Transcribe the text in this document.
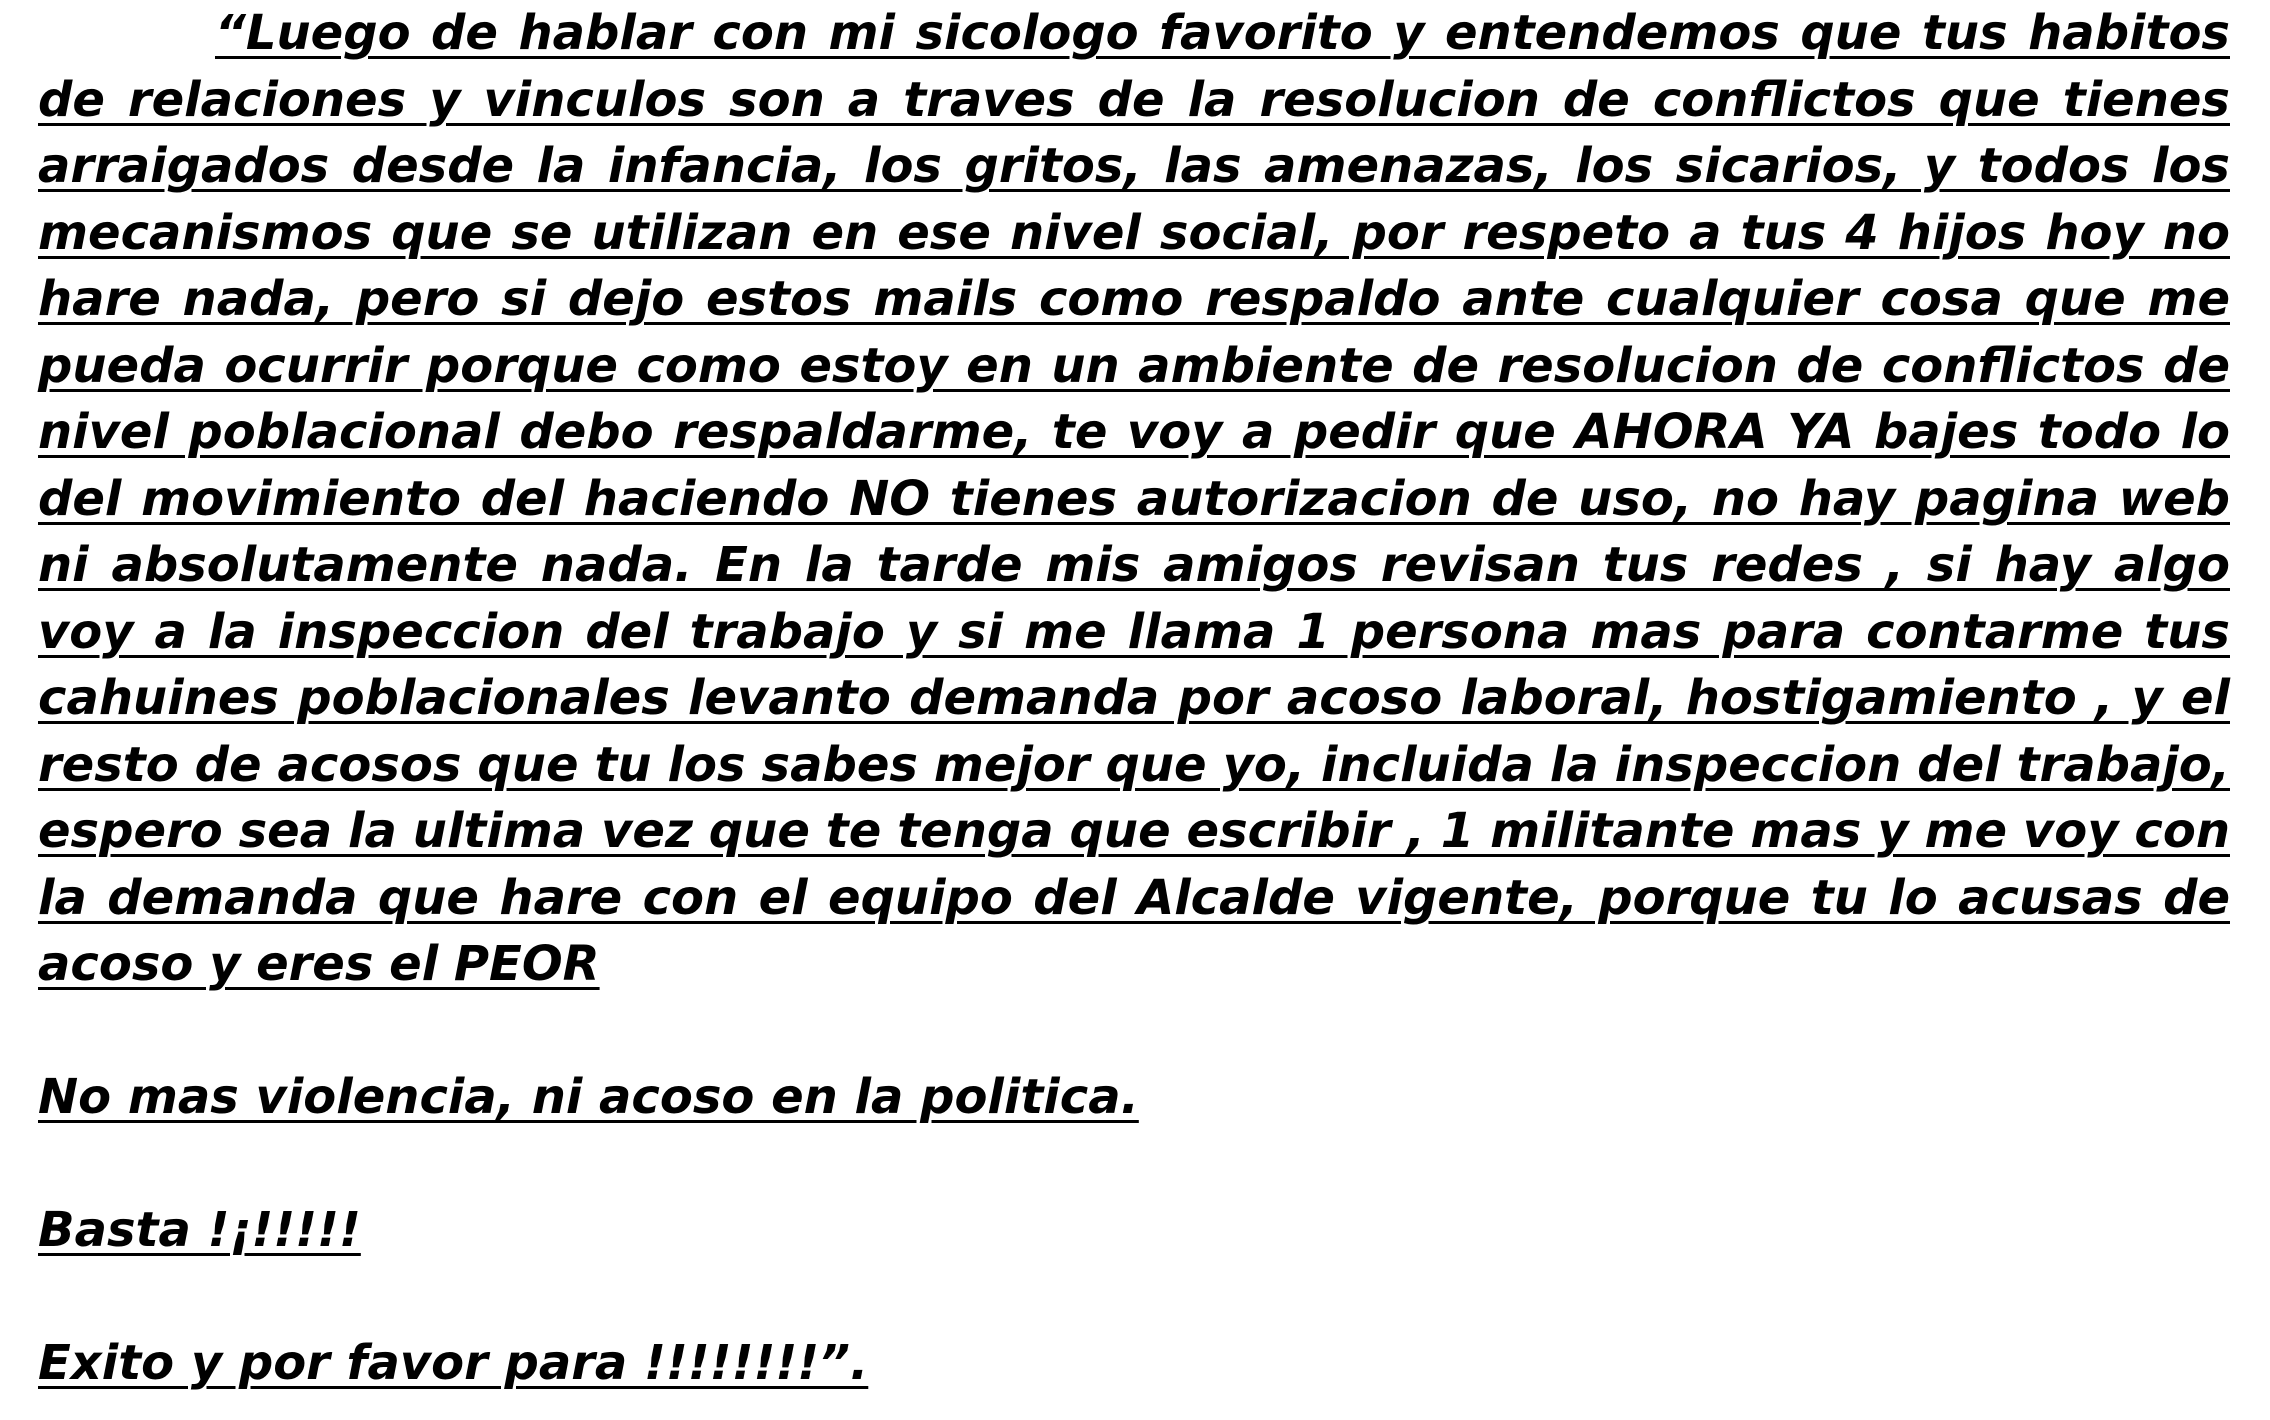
“Luego de hablar con mi sicologo favorito y entendemos que tus habitos de relaciones y vinculos son a traves de la resolucion de conflictos que tienes arraigados desde la infancia, los gritos, las amenazas, los sicarios, y todos los mecanismos que se utilizan en ese nivel social, por respeto a tus 4 hijos hoy no hare nada, pero si dejo estos mails como respaldo ante cualquier cosa que me pueda ocurrir porque como estoy en un ambiente de resolucion de conflictos de nivel poblacional debo respaldarme, te voy a pedir que AHORA YA bajes todo lo del movimiento del haciendo NO tienes autorizacion de uso, no hay pagina web ni absolutamente nada. En la tarde mis amigos revisan tus redes , si hay algo voy a la inspeccion del trabajo y si me llama 1 persona mas para contarme tus cahuines poblacionales levanto demanda por acoso laboral, hostigamiento , y el resto de acosos que tu los sabes mejor que yo, incluida la inspeccion del trabajo, espero sea la ultima vez que te tenga que escribir , 1 militante mas y me voy con la demanda que hare con el equipo del Alcalde vigente, porque tu lo acusas de acoso y eres el PEOR

No mas violencia, ni acoso en la politica.

Basta !¡!!!!!

Exito y por favor para !!!!!!!!”.
